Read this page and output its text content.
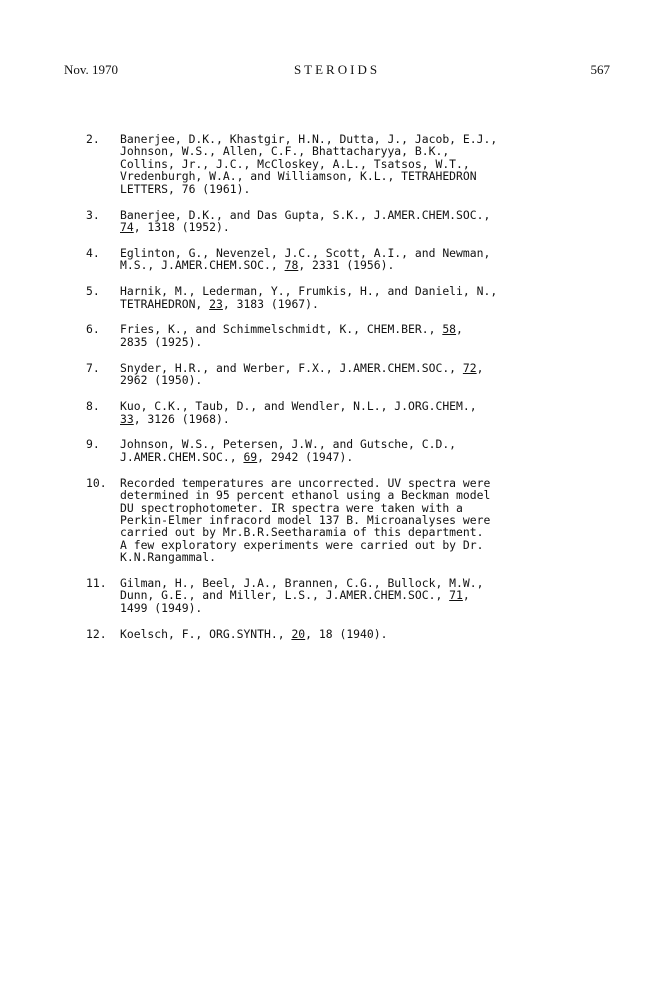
Nov. 1970	STEROIDS	567
2.	Banerjee, D.K., Khastgir, H.N., Dutta, J., Jacob, E.J.,
Johnson, W.S., Allen, C.F., Bhattacharyya, B.K.,
Collins, Jr., J.C., McCloskey, A.L., Tsatsos, W.T.,
Vredenburgh, W.A., and Williamson, K.L., TETRAHEDRON
LETTERS, 76 (1961).
3.	Banerjee, D.K., and Das Gupta, S.K., J.AMER.CHEM.SOC.,
74, 1318 (1952).
4.	Eglinton, G., Nevenzel, J.C., Scott, A.I., and Newman,
M.S., J.AMER.CHEM.SOC., 78, 2331 (1956).
5.	Harnik, M., Lederman, Y., Frumkis, H., and Danieli, N.,
TETRAHEDRON, 23, 3183 (1967).
6.	Fries, K., and Schimmelschmidt, K., CHEM.BER., 58,
2835 (1925).
7.	Snyder, H.R., and Werber, F.X., J.AMER.CHEM.SOC., 72,
2962 (1950).
8.	Kuo, C.K., Taub, D., and Wendler, N.L., J.ORG.CHEM.,
33, 3126 (1968).
9.	Johnson, W.S., Petersen, J.W., and Gutsche, C.D.,
J.AMER.CHEM.SOC., 69, 2942 (1947).
10.	Recorded temperatures are uncorrected. UV spectra were
determined in 95 percent ethanol using a Beckman model
DU spectrophotometer. IR spectra were taken with a
Perkin-Elmer infracord model 137 B. Microanalyses were
carried out by Mr.B.R.Seetharamia of this department.
A few exploratory experiments were carried out by Dr.
K.N.Rangammal.
11.	Gilman, H., Beel, J.A., Brannen, C.G., Bullock, M.W.,
Dunn, G.E., and Miller, L.S., J.AMER.CHEM.SOC., 71,
1499 (1949).
12.	Koelsch, F., ORG.SYNTH., 20, 18 (1940).
